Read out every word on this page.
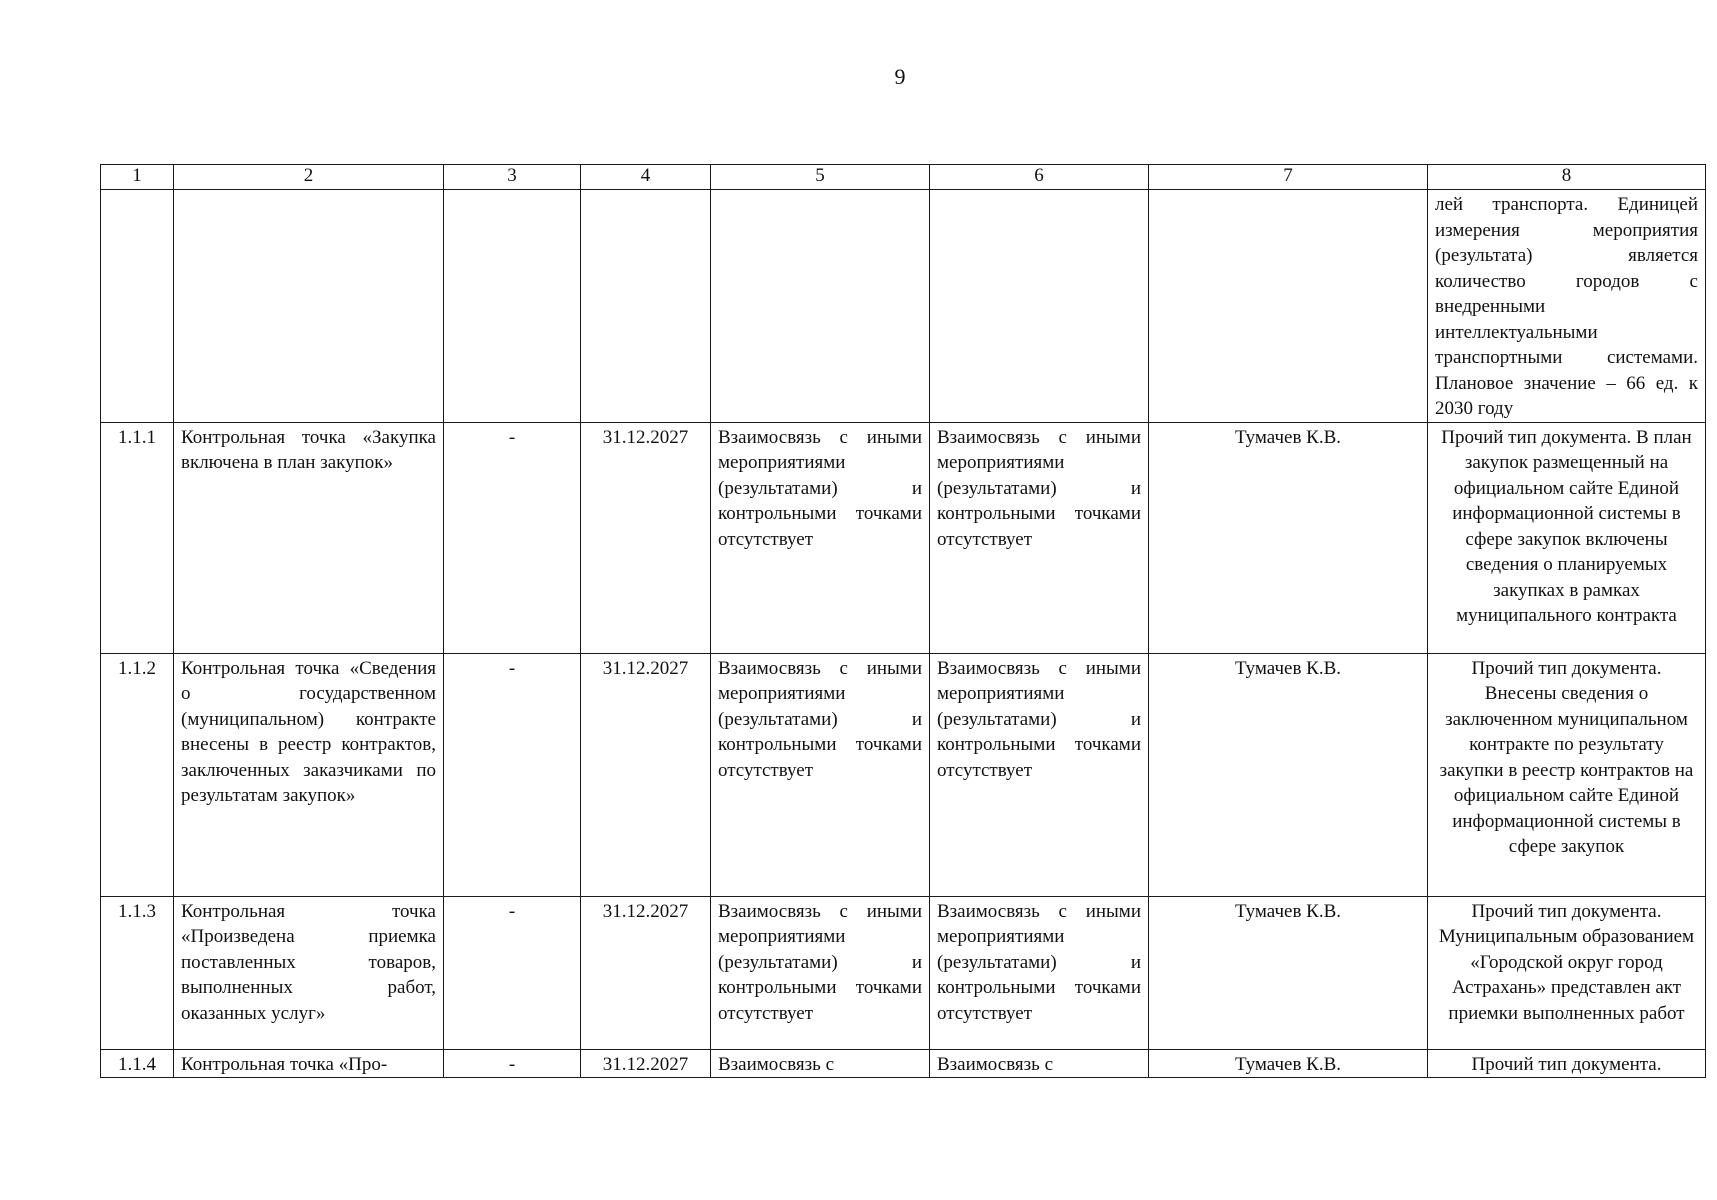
9
1	2	3	4	5	6	7	8
							лей транспорта. Единицей измерения мероприятия (результата) является количество городов с внедренными интеллектуальными транспортными системами. Плановое значение – 66 ед. к 2030 году
1.1.1	Контрольная точка «Закупка включена в план закупок»	-	31.12.2027	Взаимосвязь с иными мероприятиями (результатами) и контрольными точками отсутствует	Взаимосвязь с иными мероприятиями (результатами) и контрольными точками отсутствует	Тумачев К.В.	Прочий тип документа. В план закупок размещенный на официальном сайте Единой информационной системы в сфере закупок включены сведения о планируемых закупках в рамках муниципального контракта
1.1.2	Контрольная точка «Сведения о государственном (муниципальном) контракте внесены в реестр контрактов, заключенных заказчиками по результатам закупок»	-	31.12.2027	Взаимосвязь с иными мероприятиями (результатами) и контрольными точками отсутствует	Взаимосвязь с иными мероприятиями (результатами) и контрольными точками отсутствует	Тумачев К.В.	Прочий тип документа. Внесены сведения о заключенном муниципальном контракте по результату закупки в реестр контрактов на официальном сайте Единой информационной системы в сфере закупок
1.1.3	Контрольная точка «Произведена приемка поставленных товаров, выполненных работ, оказанных услуг»	-	31.12.2027	Взаимосвязь с иными мероприятиями (результатами) и контрольными точками отсутствует	Взаимосвязь с иными мероприятиями (результатами) и контрольными точками отсутствует	Тумачев К.В.	Прочий тип документа. Муниципальным образованием «Городской округ город Астрахань» представлен акт приемки выполненных работ
1.1.4	Контрольная точка «Про-	-	31.12.2027	Взаимосвязь с	Взаимосвязь с	Тумачев К.В.	Прочий тип документа.
